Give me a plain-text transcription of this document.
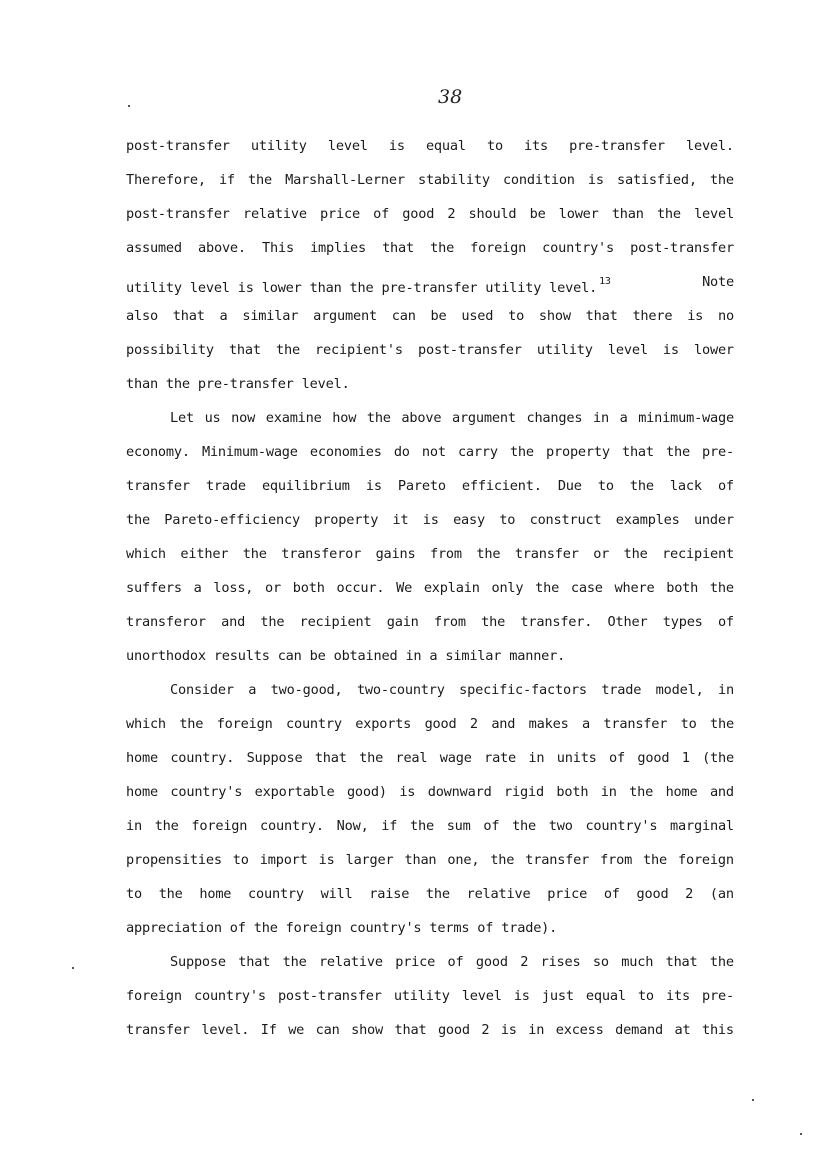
38
post-transfer utility level is equal to its pre-transfer level.
Therefore, if the Marshall-Lerner stability condition is satisfied, the
post-transfer relative price of good 2 should be lower than the level
assumed above. This implies that the foreign country's post-transfer
utility level is lower than the pre-transfer utility level. $^{13}$	Note
also that a similar argument can be used to show that there is no
possibility that the recipient's post-transfer utility level is lower
than the pre-transfer level.
Let us now examine how the above argument changes in a minimum-wage
economy. Minimum-wage economies do not carry the property that the pre-
transfer trade equilibrium is Pareto efficient. Due to the lack of
the Pareto-efficiency property it is easy to construct examples under
which either the transferor gains from the transfer or the recipient
suffers a loss, or both occur. We explain only the case where both the
transferor and the recipient gain from the transfer. Other types of
unorthodox results can be obtained in a similar manner.
Consider a two-good, two-country specific-factors trade model, in
which the foreign country exports good 2 and makes a transfer to the
home country. Suppose that the real wage rate in units of good 1 (the
home country's exportable good) is downward rigid both in the home and
in the foreign country. Now, if the sum of the two country's marginal
propensities to import is larger than one, the transfer from the foreign
to the home country will raise the relative price of good 2 (an
appreciation of the foreign country's terms of trade).
Suppose that the relative price of good 2 rises so much that the
foreign country's post-transfer utility level is just equal to its pre-
transfer level. If we can show that good 2 is in excess demand at this
